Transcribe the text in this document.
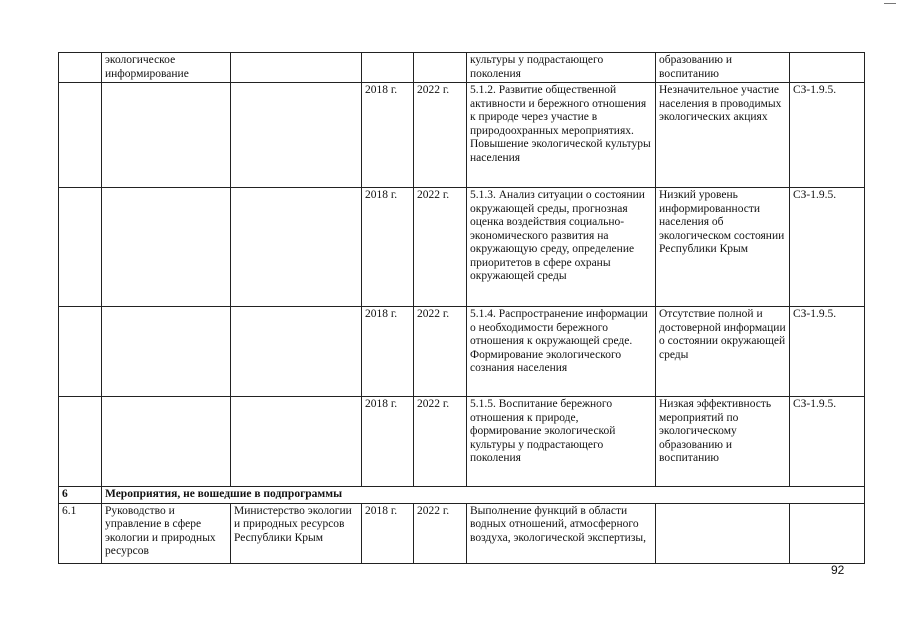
	экологическое информирование				культуры у подрастающего поколения	образованию и воспитанию	
			2018 г.	2022 г.	5.1.2. Развитие общественной активности и бережного отношения к природе через участие в природоохранных мероприятиях. Повышение экологической культуры населения	Незначительное участие населения в проводимых экологических акциях	СЗ-1.9.5.
			2018 г.	2022 г.	5.1.3. Анализ ситуации о состоянии окружающей среды, прогнозная оценка воздействия социально-экономического развития на окружающую среду, определение приоритетов в сфере охраны окружающей среды	Низкий уровень информированности населения об экологическом состоянии Республики Крым	СЗ-1.9.5.
			2018 г.	2022 г.	5.1.4. Распространение информации о необходимости бережного отношения к окружающей среде. Формирование экологического сознания населения	Отсутствие полной и достоверной информации о состоянии окружающей среды	СЗ-1.9.5.
			2018 г.	2022 г.	5.1.5. Воспитание бережного отношения к природе, формирование экологической культуры у подрастающего поколения	Низкая эффективность мероприятий по экологическому образованию и воспитанию	СЗ-1.9.5.
6	Мероприятия, не вошедшие в подпрограммы						
6.1	Руководство и управление в сфере экологии и природных ресурсов	Министерство экологии и природных ресурсов Республики Крым	2018 г.	2022 г.	Выполнение функций в области водных отношений, атмосферного воздуха, экологической экспертизы,		
92
